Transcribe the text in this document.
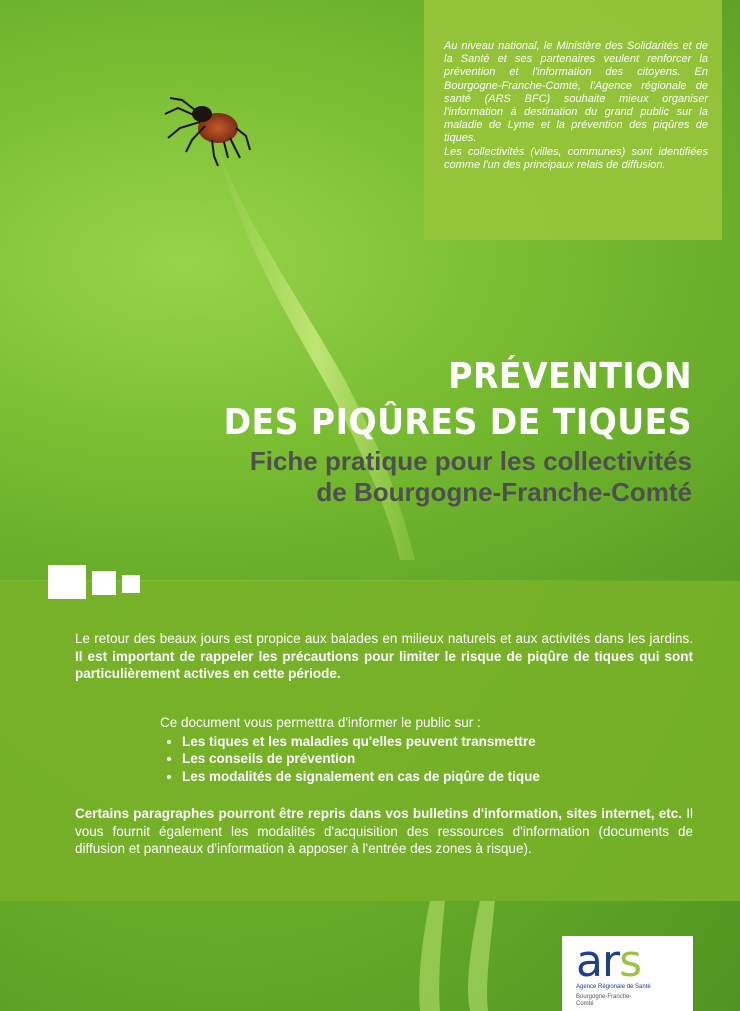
Au niveau national, le Ministère des Solidarités et de la Santé et ses partenaires veulent renforcer la prévention et l'information des citoyens. En Bourgogne-Franche-Comté, l'Agence régionale de santé (ARS BFC) souhaite mieux organiser l'information à destination du grand public sur la maladie de Lyme et la prévention des piqûres de tiques.

Les collectivités (villes, communes) sont identifiées comme l'un des principaux relais de diffusion.

PRÉVENTION
DES PIQÛRES DE TIQUES
Fiche pratique pour les collectivités
de Bourgogne-Franche-Comté

Le retour des beaux jours est propice aux balades en milieux naturels et aux activités dans les jardins. Il est important de rappeler les précautions pour limiter le risque de piqûre de tiques qui sont particulièrement actives en cette période.

Ce document vous permettra d'informer le public sur :

• Les tiques et les maladies qu'elles peuvent transmettre
• Les conseils de prévention
• Les modalités de signalement en cas de piqûre de tique

Certains paragraphes pourront être repris dans vos bulletins d'information, sites internet, etc. Il vous fournit également les modalités d'acquisition des ressources d'information (documents de diffusion et panneaux d'information à apposer à l'entrée des zones à risque).

ars
Agence Régionale de Santé
Bourgogne-Franche-Comté
